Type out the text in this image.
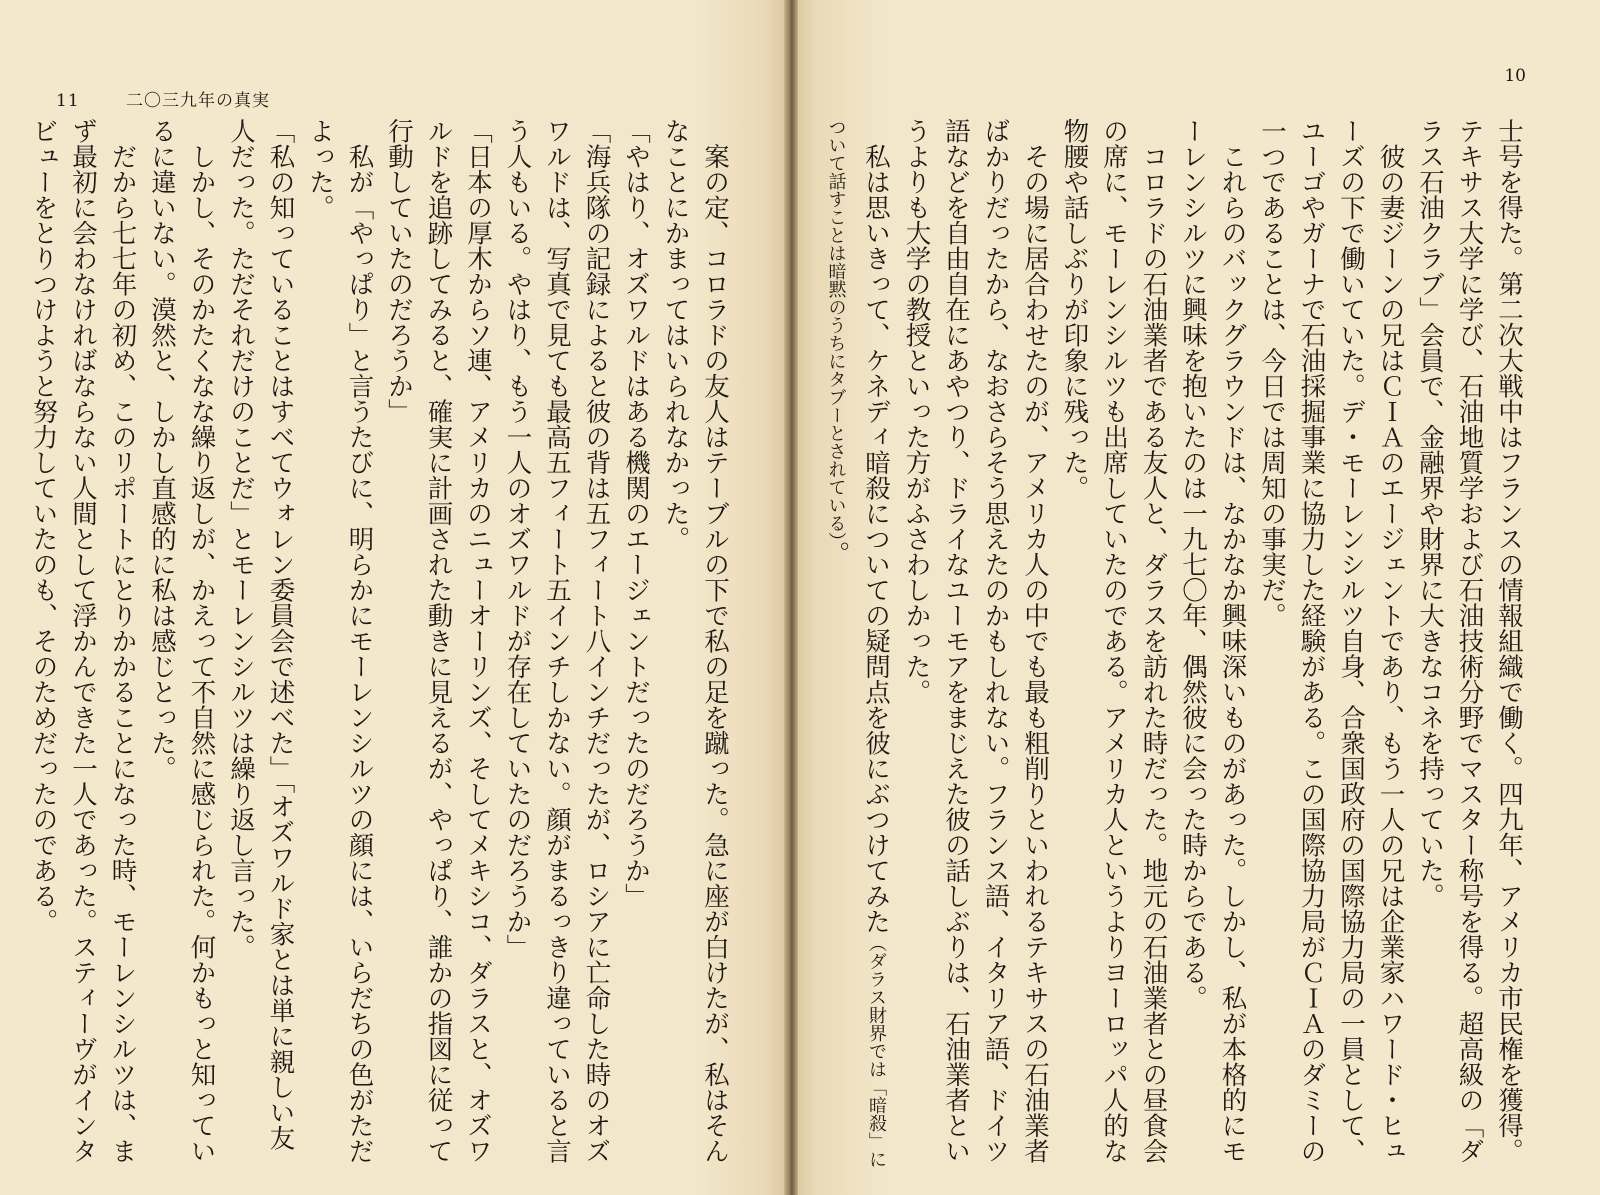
11	二〇三九年の真実
　案の定、コロラドの友人はテーブルの下で私の足を蹴った。急に座が白けたが、私はそんなことにかまってはいられなかった。
「やはり、オズワルドはある機関のエージェントだったのだろうか」
「海兵隊の記録によると彼の背は五フィート八インチだったが、ロシアに亡命した時のオズワルドは、写真で見ても最高五フィート五インチしかない。顔がまるっきり違っていると言う人もいる。やはり、もう一人のオズワルドが存在していたのだろうか」
「日本の厚木からソ連、アメリカのニューオーリンズ、そしてメキシコ、ダラスと、オズワルドを追跡してみると、確実に計画された動きに見えるが、やっぱり、誰かの指図に従って行動していたのだろうか」
　私が「やっぱり」と言うたびに、明らかにモーレンシルツの顔には、いらだちの色がただよった。
「私の知っていることはすべてウォレン委員会で述べた」「オズワルド家とは単に親しい友人だった。ただそれだけのことだ」とモーレンシルツは繰り返し言った。
　しかし、そのかたくなな繰り返しが、かえって不自然に感じられた。何かもっと知っているに違いない。漠然と、しかし直感的に私は感じとった。
　だから七七年の初め、このリポートにとりかかることになった時、モーレンシルツは、まず最初に会わなければならない人間として浮かんできた一人であった。スティーヴがインタビューをとりつけようと努力していたのも、そのためだったのである。
10
士号を得た。第二次大戦中はフランスの情報組織で働く。四九年、アメリカ市民権を獲得。テキサス大学に学び、石油地質学および石油技術分野でマスター称号を得る。超高級の「ダラス石油クラブ」会員で、金融界や財界に大きなコネを持っていた。
　彼の妻ジーンの兄はＣＩＡのエージェントであり、もう一人の兄は企業家ハワード・ヒューズの下で働いていた。デ・モーレンシルツ自身、合衆国政府の国際協力局の一員として、ユーゴやガーナで石油採掘事業に協力した経験がある。この国際協力局がＣＩＡのダミーの一つであることは、今日では周知の事実だ。
　これらのバックグラウンドは、なかなか興味深いものがあった。しかし、私が本格的にモーレンシルツに興味を抱いたのは一九七〇年、偶然彼に会った時からである。
　コロラドの石油業者である友人と、ダラスを訪れた時だった。地元の石油業者との昼食会の席に、モーレンシルツも出席していたのである。アメリカ人というよりヨーロッパ人的な物腰や話しぶりが印象に残った。
　その場に居合わせたのが、アメリカ人の中でも最も粗削りといわれるテキサスの石油業者ばかりだったから、なおさらそう思えたのかもしれない。フランス語、イタリア語、ドイツ語などを自由自在にあやつり、ドライなユーモアをまじえた彼の話しぶりは、石油業者というよりも大学の教授といった方がふさわしかった。
　私は思いきって、ケネディ暗殺についての疑問点を彼にぶつけてみた（ダラス財界では「暗殺」について話すことは暗黙のうちにタブーとされている）。
